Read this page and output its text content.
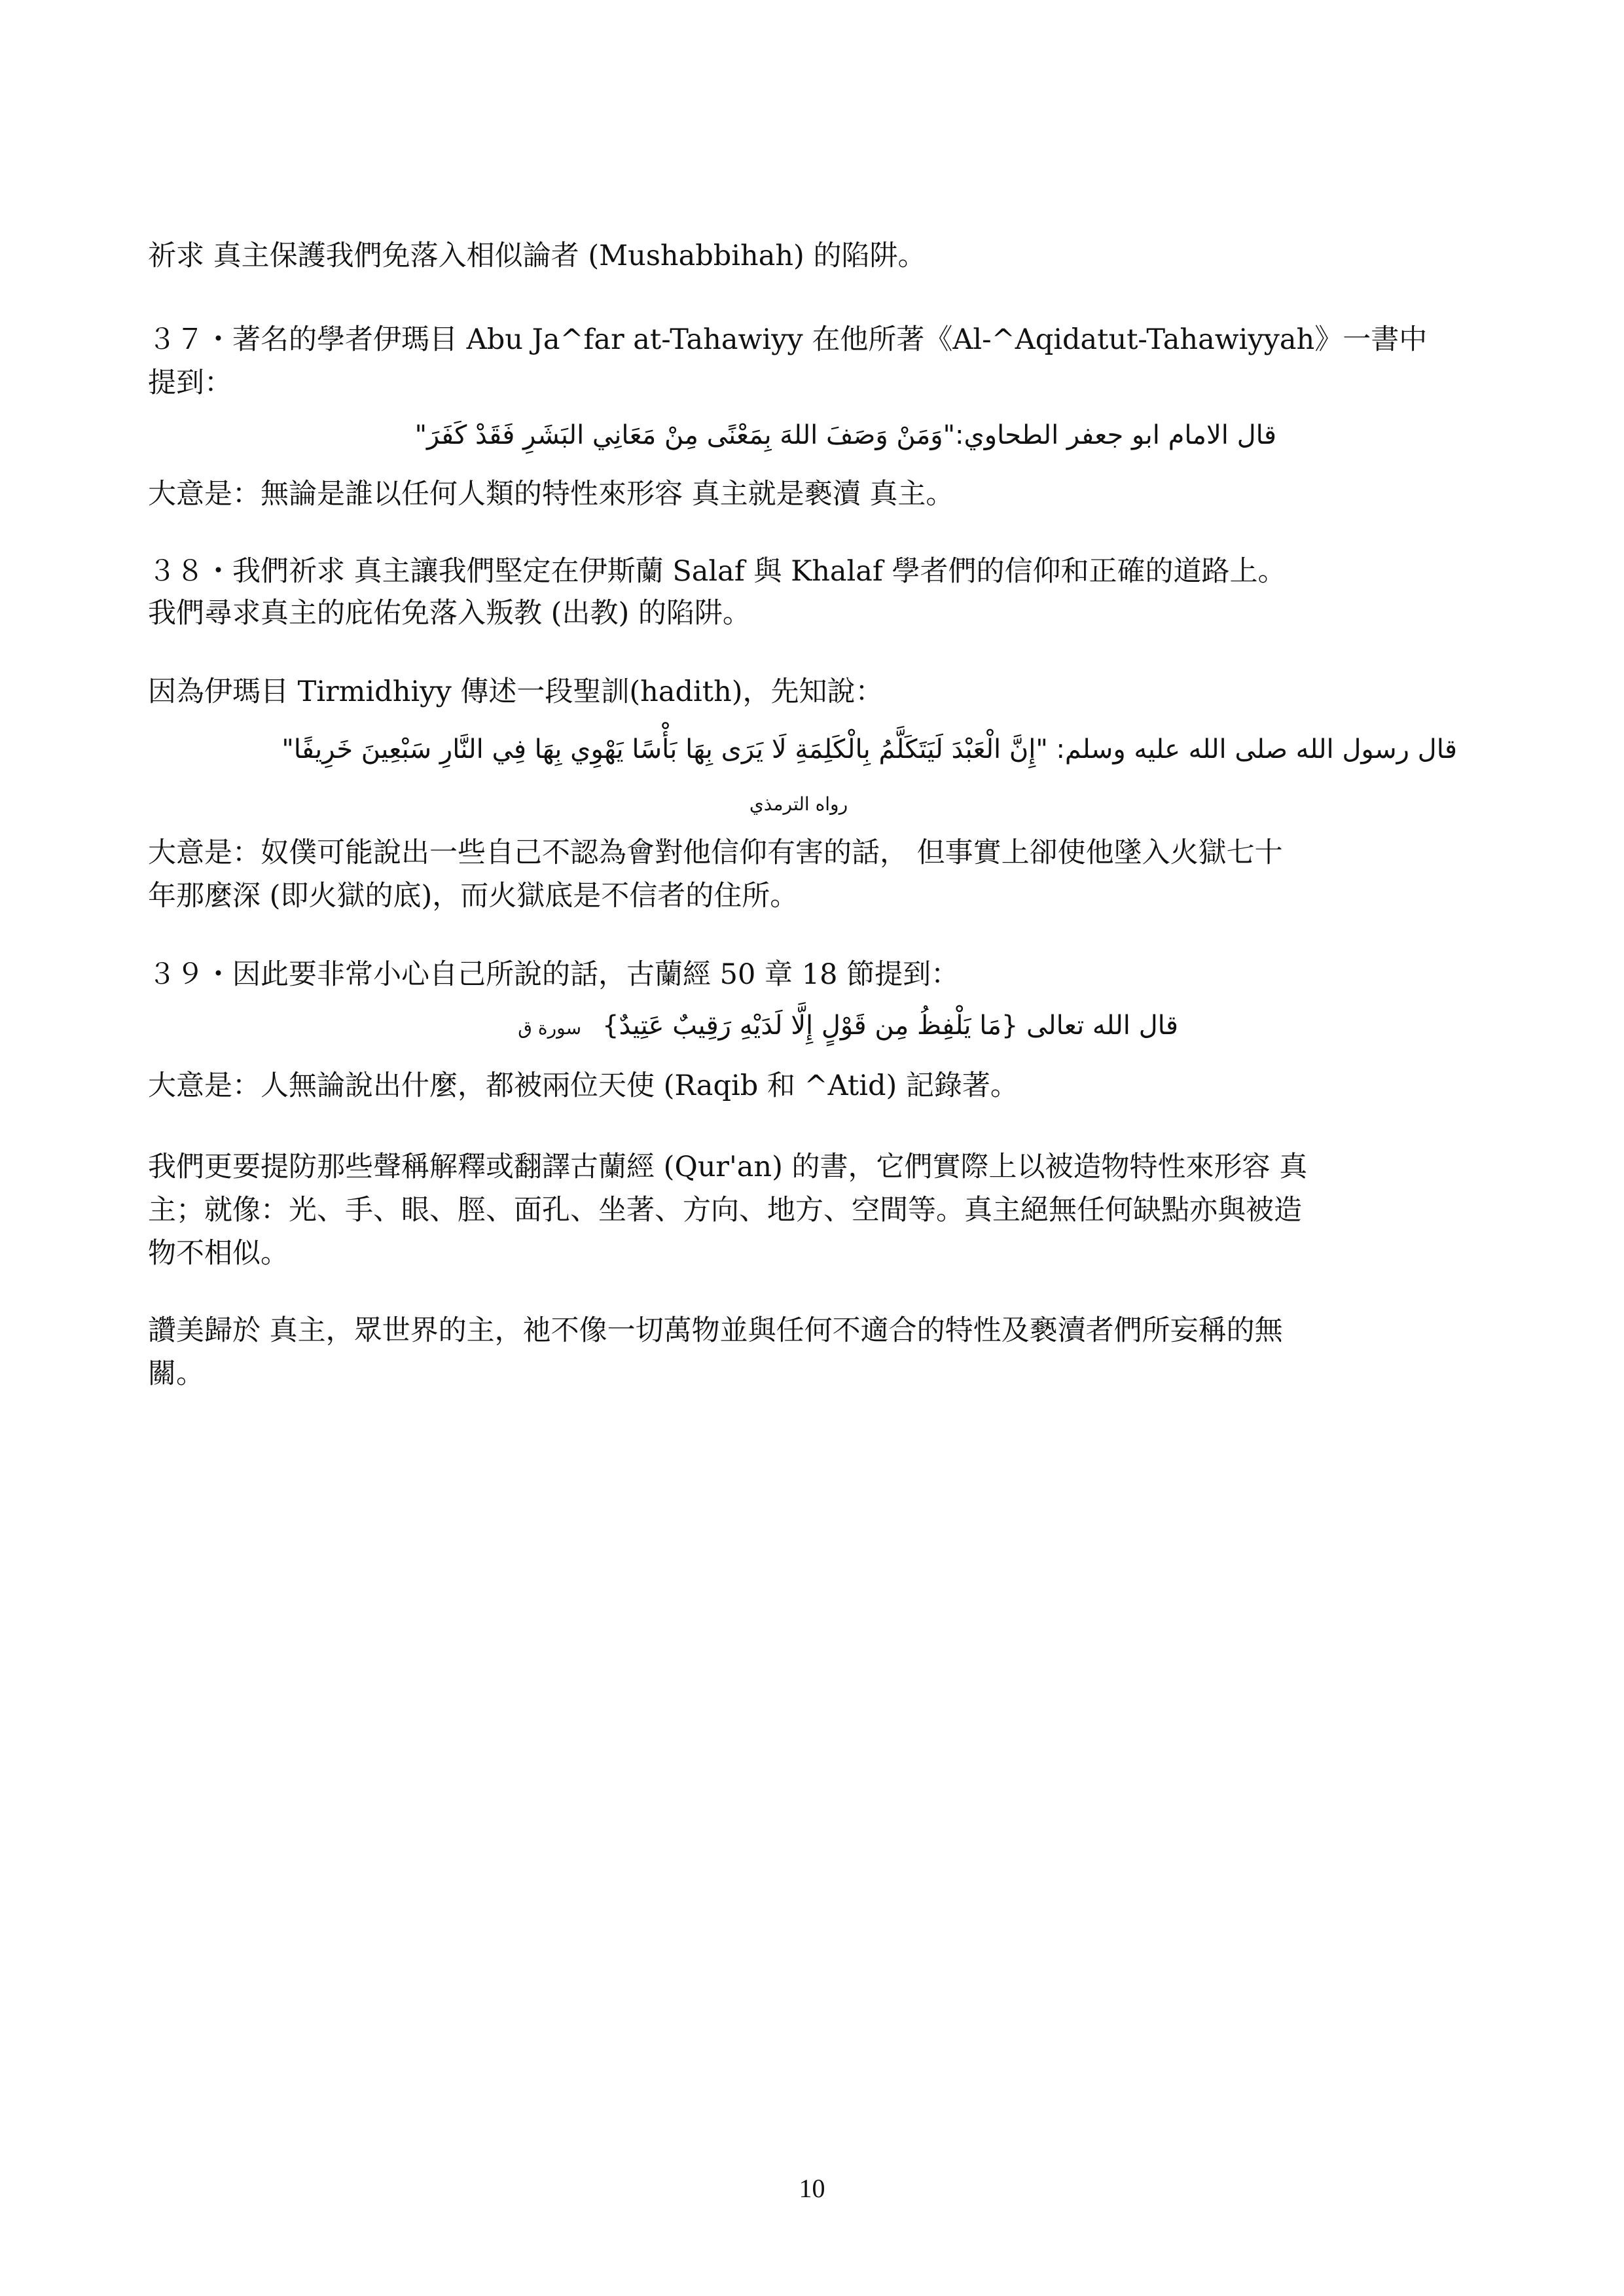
祈求 真主保護我們免落入相似論者 (Mushabbihah) 的陷阱。
３７・著名的學者伊瑪目 Abu Ja^far at-Tahawiyy 在他所著《Al-^Aqidatut-Tahawiyyah》一書中
提到：
قال الامام ابو جعفر الطحاوي:"وَمَنْ وَصَفَ اللهَ بِمَعْنًى مِنْ مَعَانِي البَشَرِ فَقَدْ كَفَرَ"
大意是：無論是誰以任何人類的特性來形容 真主就是褻瀆 真主。
３８・我們祈求 真主讓我們堅定在伊斯蘭 Salaf 與 Khalaf 學者們的信仰和正確的道路上。
我們尋求真主的庇佑免落入叛教 (出教) 的陷阱。
因為伊瑪目 Tirmidhiyy 傳述一段聖訓(hadith)，先知說：
قال رسول الله صلى الله عليه وسلم: "إِنَّ الْعَبْدَ لَيَتَكَلَّمُ بِالْكَلِمَةِ لَا يَرَى بِهَا بَأْسًا يَهْوِي بِهَا فِي النَّارِ سَبْعِينَ خَرِيفًا"
رواه الترمذي
大意是：奴僕可能說出一些自己不認為會對他信仰有害的話， 但事實上卻使他墜入火獄七十
年那麼深 (即火獄的底)，而火獄底是不信者的住所。
３９・因此要非常小心自己所說的話，古蘭經 50 章 18 節提到：
قال الله تعالى {مَا يَلْفِظُ مِن قَوْلٍ إِلَّا لَدَيْهِ رَقِيبٌ عَتِيدٌ} سورة ق
大意是：人無論說出什麼，都被兩位天使 (Raqib 和 ^Atid) 記錄著。
我們更要提防那些聲稱解釋或翻譯古蘭經 (Qur'an) 的書，它們實際上以被造物特性來形容 真
主；就像：光、手、眼、脛、面孔、坐著、方向、地方、空間等。真主絕無任何缺點亦與被造
物不相似。
讚美歸於 真主，眾世界的主，祂不像一切萬物並與任何不適合的特性及褻瀆者們所妄稱的無
關。
10
